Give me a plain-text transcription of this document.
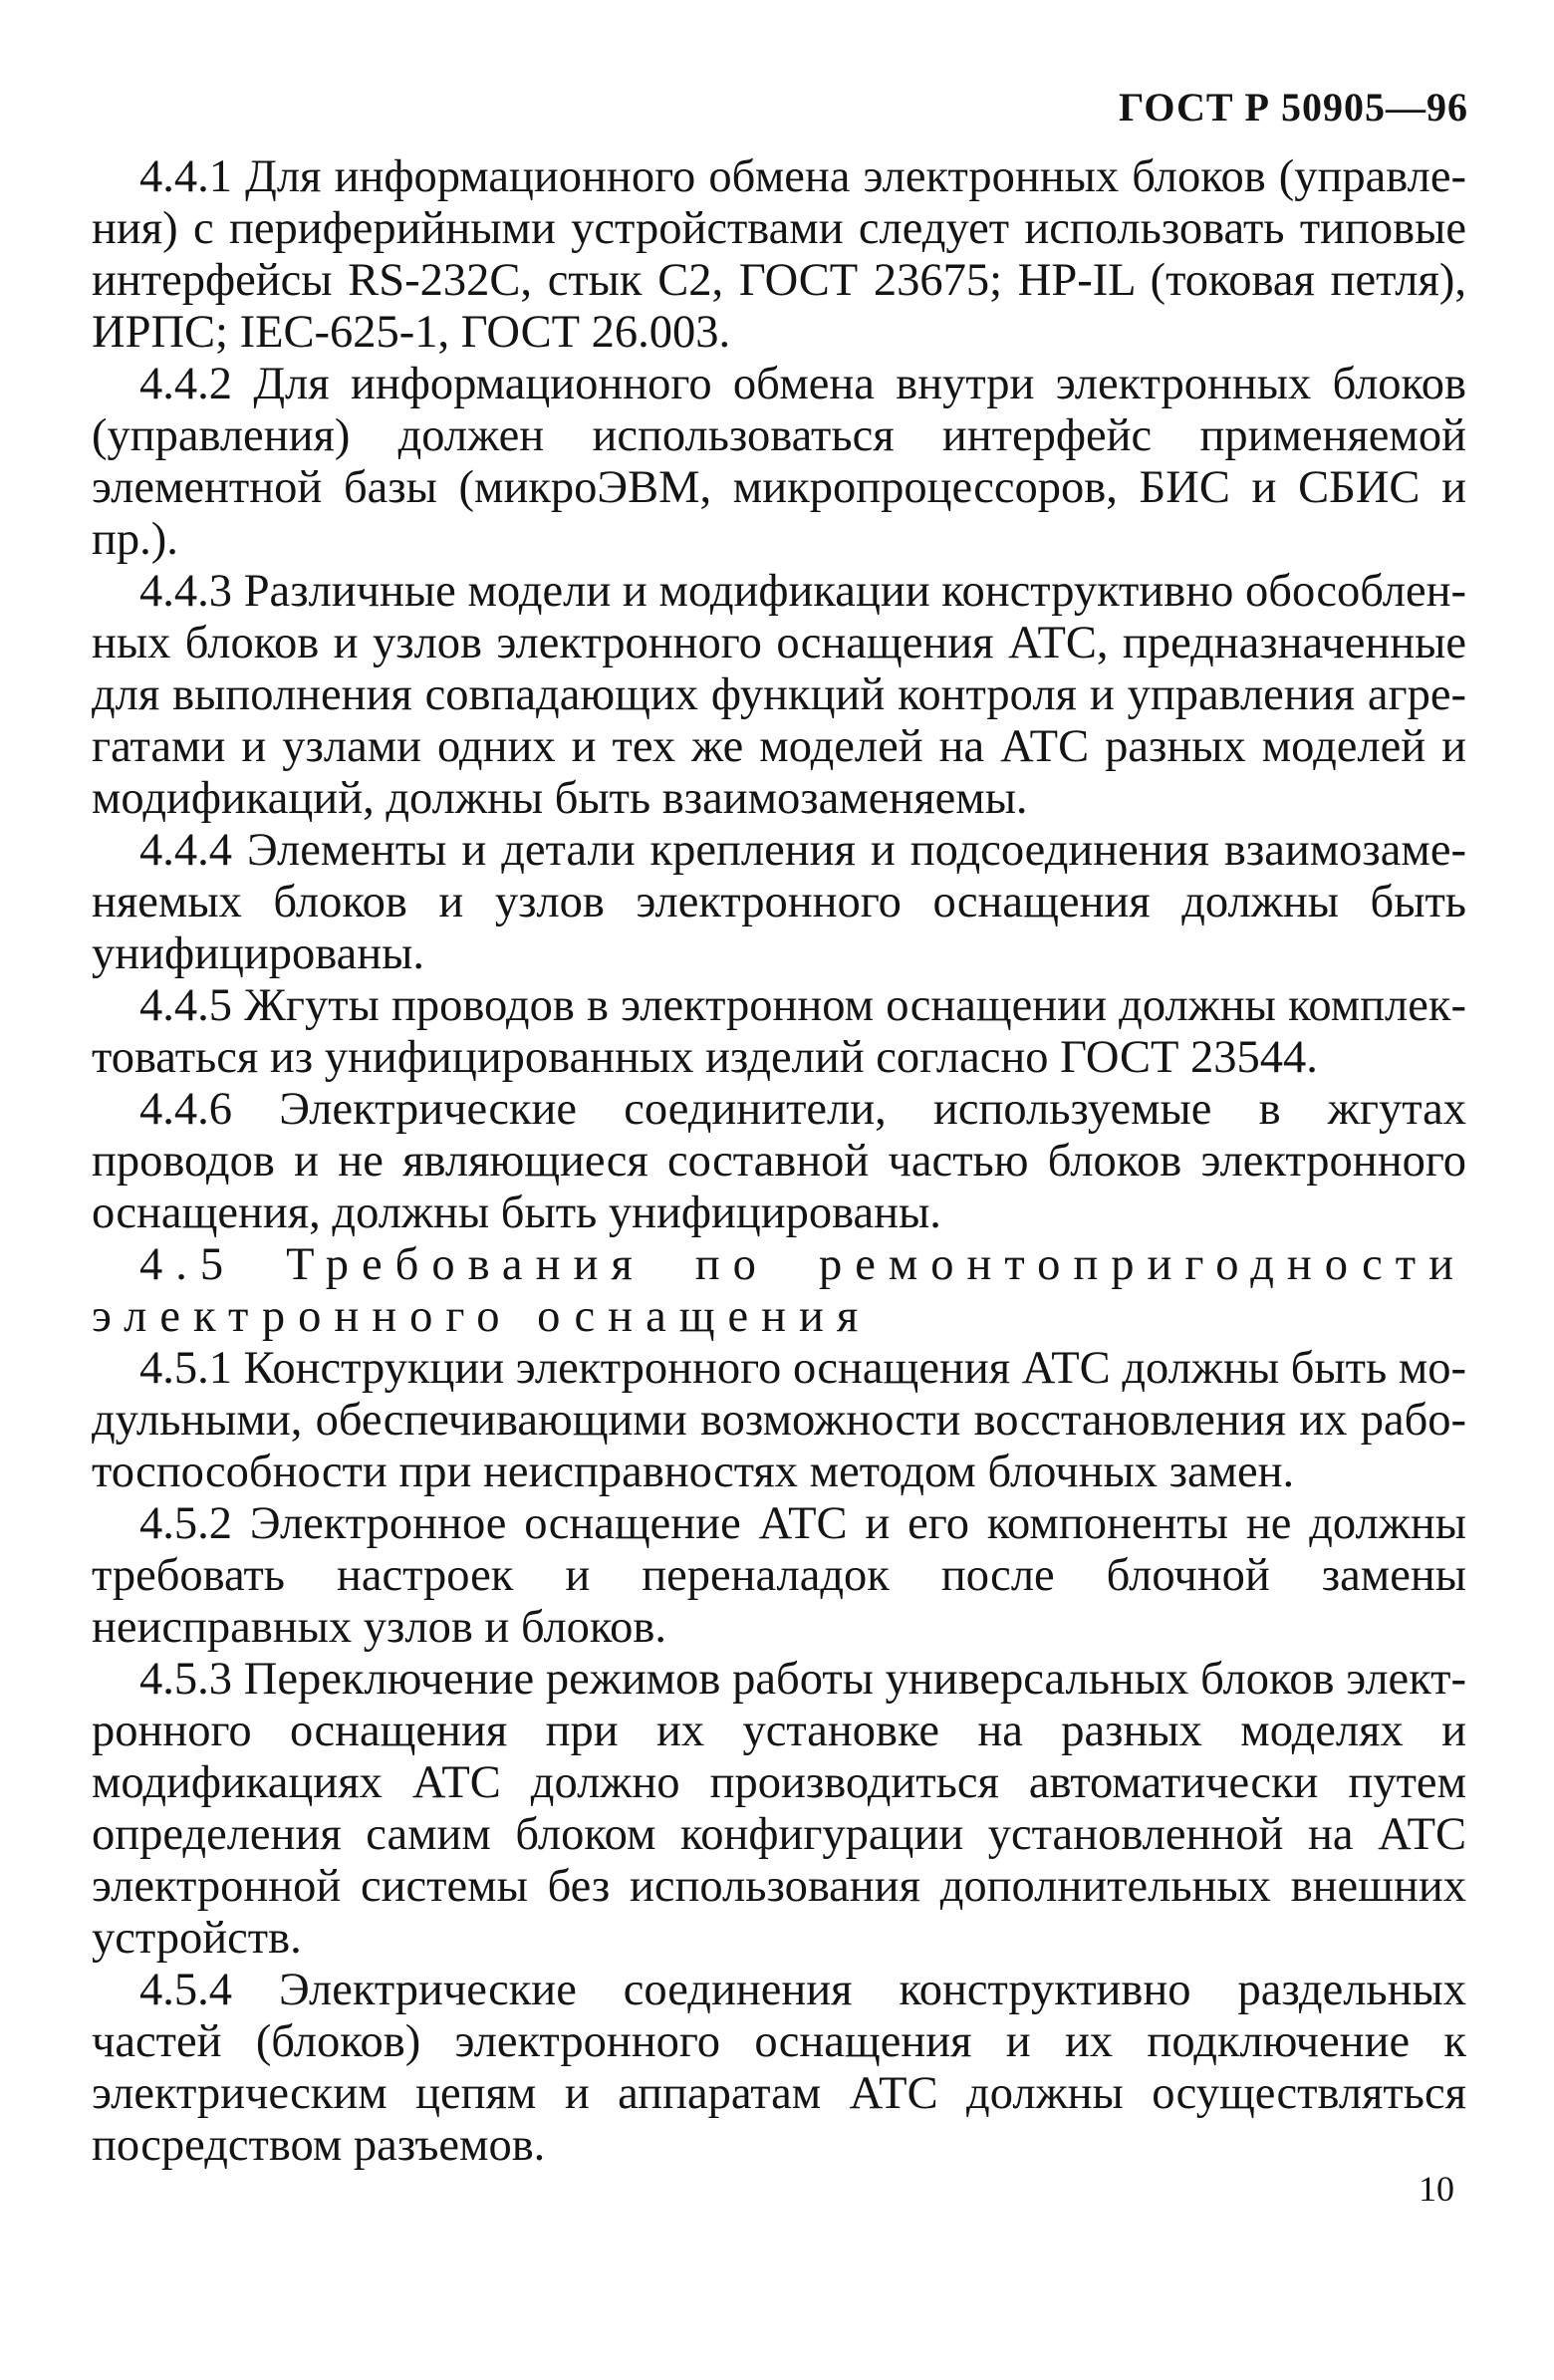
ГОСТ Р 50905—96

4.4.1 Для информационного обмена электронных блоков (управления) с периферийными устройствами следует использовать типовые интерфейсы RS-232C, стык С2, ГОСТ 23675; HP-IL (токовая петля), ИРПС; IEC-625-1, ГОСТ 26.003.

4.4.2 Для информационного обмена внутри электронных блоков (управления) должен использоваться интерфейс применяемой элементной базы (микроЭВМ, микропроцессоров, БИС и СБИС и пр.).

4.4.3 Различные модели и модификации конструктивно обособленных блоков и узлов электронного оснащения АТС, предназначенные для выполнения совпадающих функций контроля и управления агрегатами и узлами одних и тех же моделей на АТС разных моделей и модификаций, должны быть взаимозаменяемы.

4.4.4 Элементы и детали крепления и подсоединения взаимозаменяемых блоков и узлов электронного оснащения должны быть унифицированы.

4.4.5 Жгуты проводов в электронном оснащении должны комплектоваться из унифицированных изделий согласно ГОСТ 23544.

4.4.6 Электрические соединители, используемые в жгутах проводов и не являющиеся составной частью блоков электронного оснащения, должны быть унифицированы.

4.5 Требования по ремонтопригодности электронного оснащения

4.5.1 Конструкции электронного оснащения АТС должны быть модульными, обеспечивающими возможности восстановления их работоспособности при неисправностях методом блочных замен.

4.5.2 Электронное оснащение АТС и его компоненты не должны требовать настроек и переналадок после блочной замены неисправных узлов и блоков.

4.5.3 Переключение режимов работы универсальных блоков электронного оснащения при их установке на разных моделях и модификациях АТС должно производиться автоматически путем определения самим блоком конфигурации установленной на АТС электронной системы без использования дополнительных внешних устройств.

4.5.4 Электрические соединения конструктивно раздельных частей (блоков) электронного оснащения и их подключение к электрическим цепям и аппаратам АТС должны осуществляться посредством разъемов.

10
